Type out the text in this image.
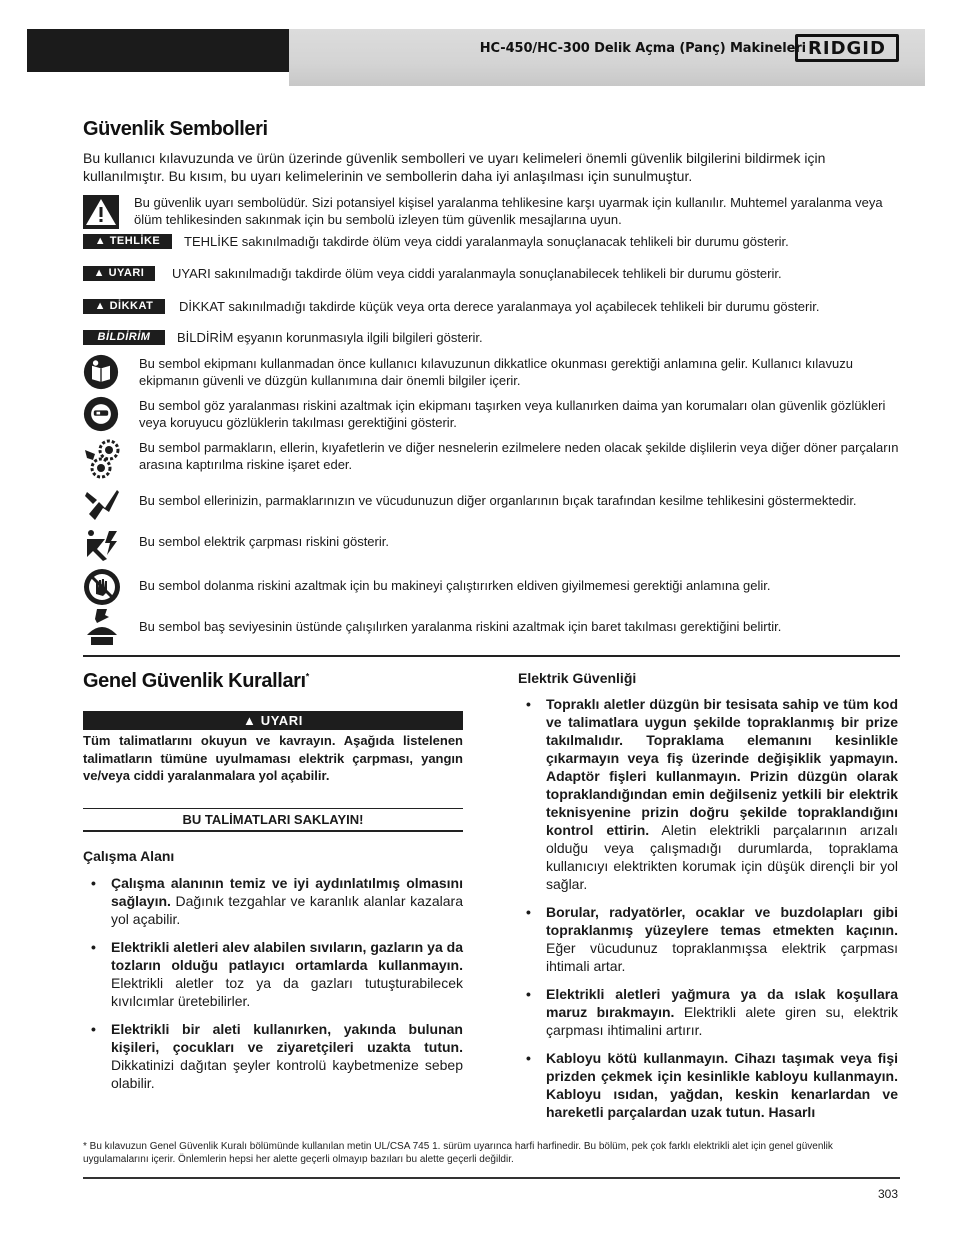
HC-450/HC-300 Delik Açma (Panç) Makineleri RIDGID
Güvenlik Sembolleri
Bu kullanıcı kılavuzunda ve ürün üzerinde güvenlik sembolleri ve uyarı kelimeleri önemli güvenlik bilgilerini bildirmek için kullanılmıştır. Bu kısım, bu uyarı kelimelerinin ve sembollerin daha iyi anlaşılması için sunulmuştur.
Bu güvenlik uyarı sembolüdür. Sizi potansiyel kişisel yaralanma tehlikesine karşı uyarmak için kullanılır. Muhtemel yaralanma veya ölüm tehlikesinden sakınmak için bu sembolü izleyen tüm güvenlik mesajlarına uyun.
▲ TEHLİKE TEHLİKE sakınılmadığı takdirde ölüm veya ciddi yaralanmayla sonuçlanacak tehlikeli bir durumu gösterir.
▲ UYARI UYARI sakınılmadığı takdirde ölüm veya ciddi yaralanmayla sonuçlanabilecek tehlikeli bir durumu gösterir.
▲ DİKKAT DİKKAT sakınılmadığı takdirde küçük veya orta derece yaralanmaya yol açabilecek tehlikeli bir durumu gösterir.
BİLDİRİM BİLDİRİM eşyanın korunmasıyla ilgili bilgileri gösterir.
Bu sembol ekipmanı kullanmadan önce kullanıcı kılavuzunun dikkatlice okunması gerektiği anlamına gelir. Kullanıcı kılavuzu ekipmanın güvenli ve düzgün kullanımına dair önemli bilgiler içerir.
Bu sembol göz yaralanması riskini azaltmak için ekipmanı taşırken veya kullanırken daima yan korumaları olan güvenlik gözlükleri veya koruyucu gözlüklerin takılması gerektiğini gösterir.
Bu sembol parmakların, ellerin, kıyafetlerin ve diğer nesnelerin ezilmelere neden olacak şekilde dişlilerin veya diğer döner parçaların arasına kaptırılma riskine işaret eder.
Bu sembol ellerinizin, parmaklarınızın ve vücudunuzun diğer organlarının bıçak tarafından kesilme tehlikesini göstermektedir.
Bu sembol elektrik çarpması riskini gösterir.
Bu sembol dolanma riskini azaltmak için bu makineyi çalıştırırken eldiven giyilmemesi gerektiği anlamına gelir.
Bu sembol baş seviyesinin üstünde çalışılırken yaralanma riskini azaltmak için baret takılması gerektiğini belirtir.
Genel Güvenlik Kuralları*
▲ UYARI
Tüm talimatlarını okuyun ve kavrayın. Aşağıda listelenen talimatların tümüne uyulmaması elektrik çarpması, yangın ve/veya ciddi yaralanmalara yol açabilir.
BU TALİMATLARI SAKLAYIN!
Çalışma Alanı
• Çalışma alanının temiz ve iyi aydınlatılmış olmasını sağlayın. Dağınık tezgahlar ve karanlık alanlar kazalara yol açabilir.
• Elektrikli aletleri alev alabilen sıvıların, gazların ya da tozların olduğu patlayıcı ortamlarda kullanmayın. Elektrikli aletler toz ya da gazları tutuşturabilecek kıvılcımlar üretebilirler.
• Elektrikli bir aleti kullanırken, yakında bulunan kişileri, çocukları ve ziyaretçileri uzakta tutun. Dikkatinizi dağıtan şeyler kontrolü kaybetmenize sebep olabilir.
Elektrik Güvenliği
• Topraklı aletler düzgün bir tesisata sahip ve tüm kod ve talimatlara uygun şekilde topraklanmış bir prize takılmalıdır. Topraklama elemanını kesinlikle çıkarmayın veya fiş üzerinde değişiklik yapmayın. Adaptör fişleri kullanmayın. Prizin düzgün olarak topraklandığından emin değilseniz yetkili bir elektrik teknisyenine prizin doğru şekilde topraklandığını kontrol ettirin. Aletin elektrikli parçalarının arızalı olduğu veya çalışmadığı durumlarda, topraklama kullanıcıyı elektrikten korumak için düşük dirençli bir yol sağlar.
• Borular, radyatörler, ocaklar ve buzdolapları gibi topraklanmış yüzeylere temas etmekten kaçının. Eğer vücudunuz topraklanmışsa elektrik çarpması ihtimali artar.
• Elektrikli aletleri yağmura ya da ıslak koşullara maruz bırakmayın. Elektrikli alete giren su, elektrik çarpması ihtimalini artırır.
• Kabloyu kötü kullanmayın. Cihazı taşımak veya fişi prizden çekmek için kesinlikle kabloyu kullanmayın. Kabloyu ısıdan, yağdan, keskin kenarlardan ve hareketli parçalardan uzak tutun. Hasarlı
* Bu kılavuzun Genel Güvenlik Kuralı bölümünde kullanılan metin UL/CSA 745 1. sürüm uyarınca harfi harfinedir. Bu bölüm, pek çok farklı elektrikli alet için genel güvenlik uygulamalarını içerir. Önlemlerin hepsi her alette geçerli olmayıp bazıları bu alette geçerli değildir.
303
